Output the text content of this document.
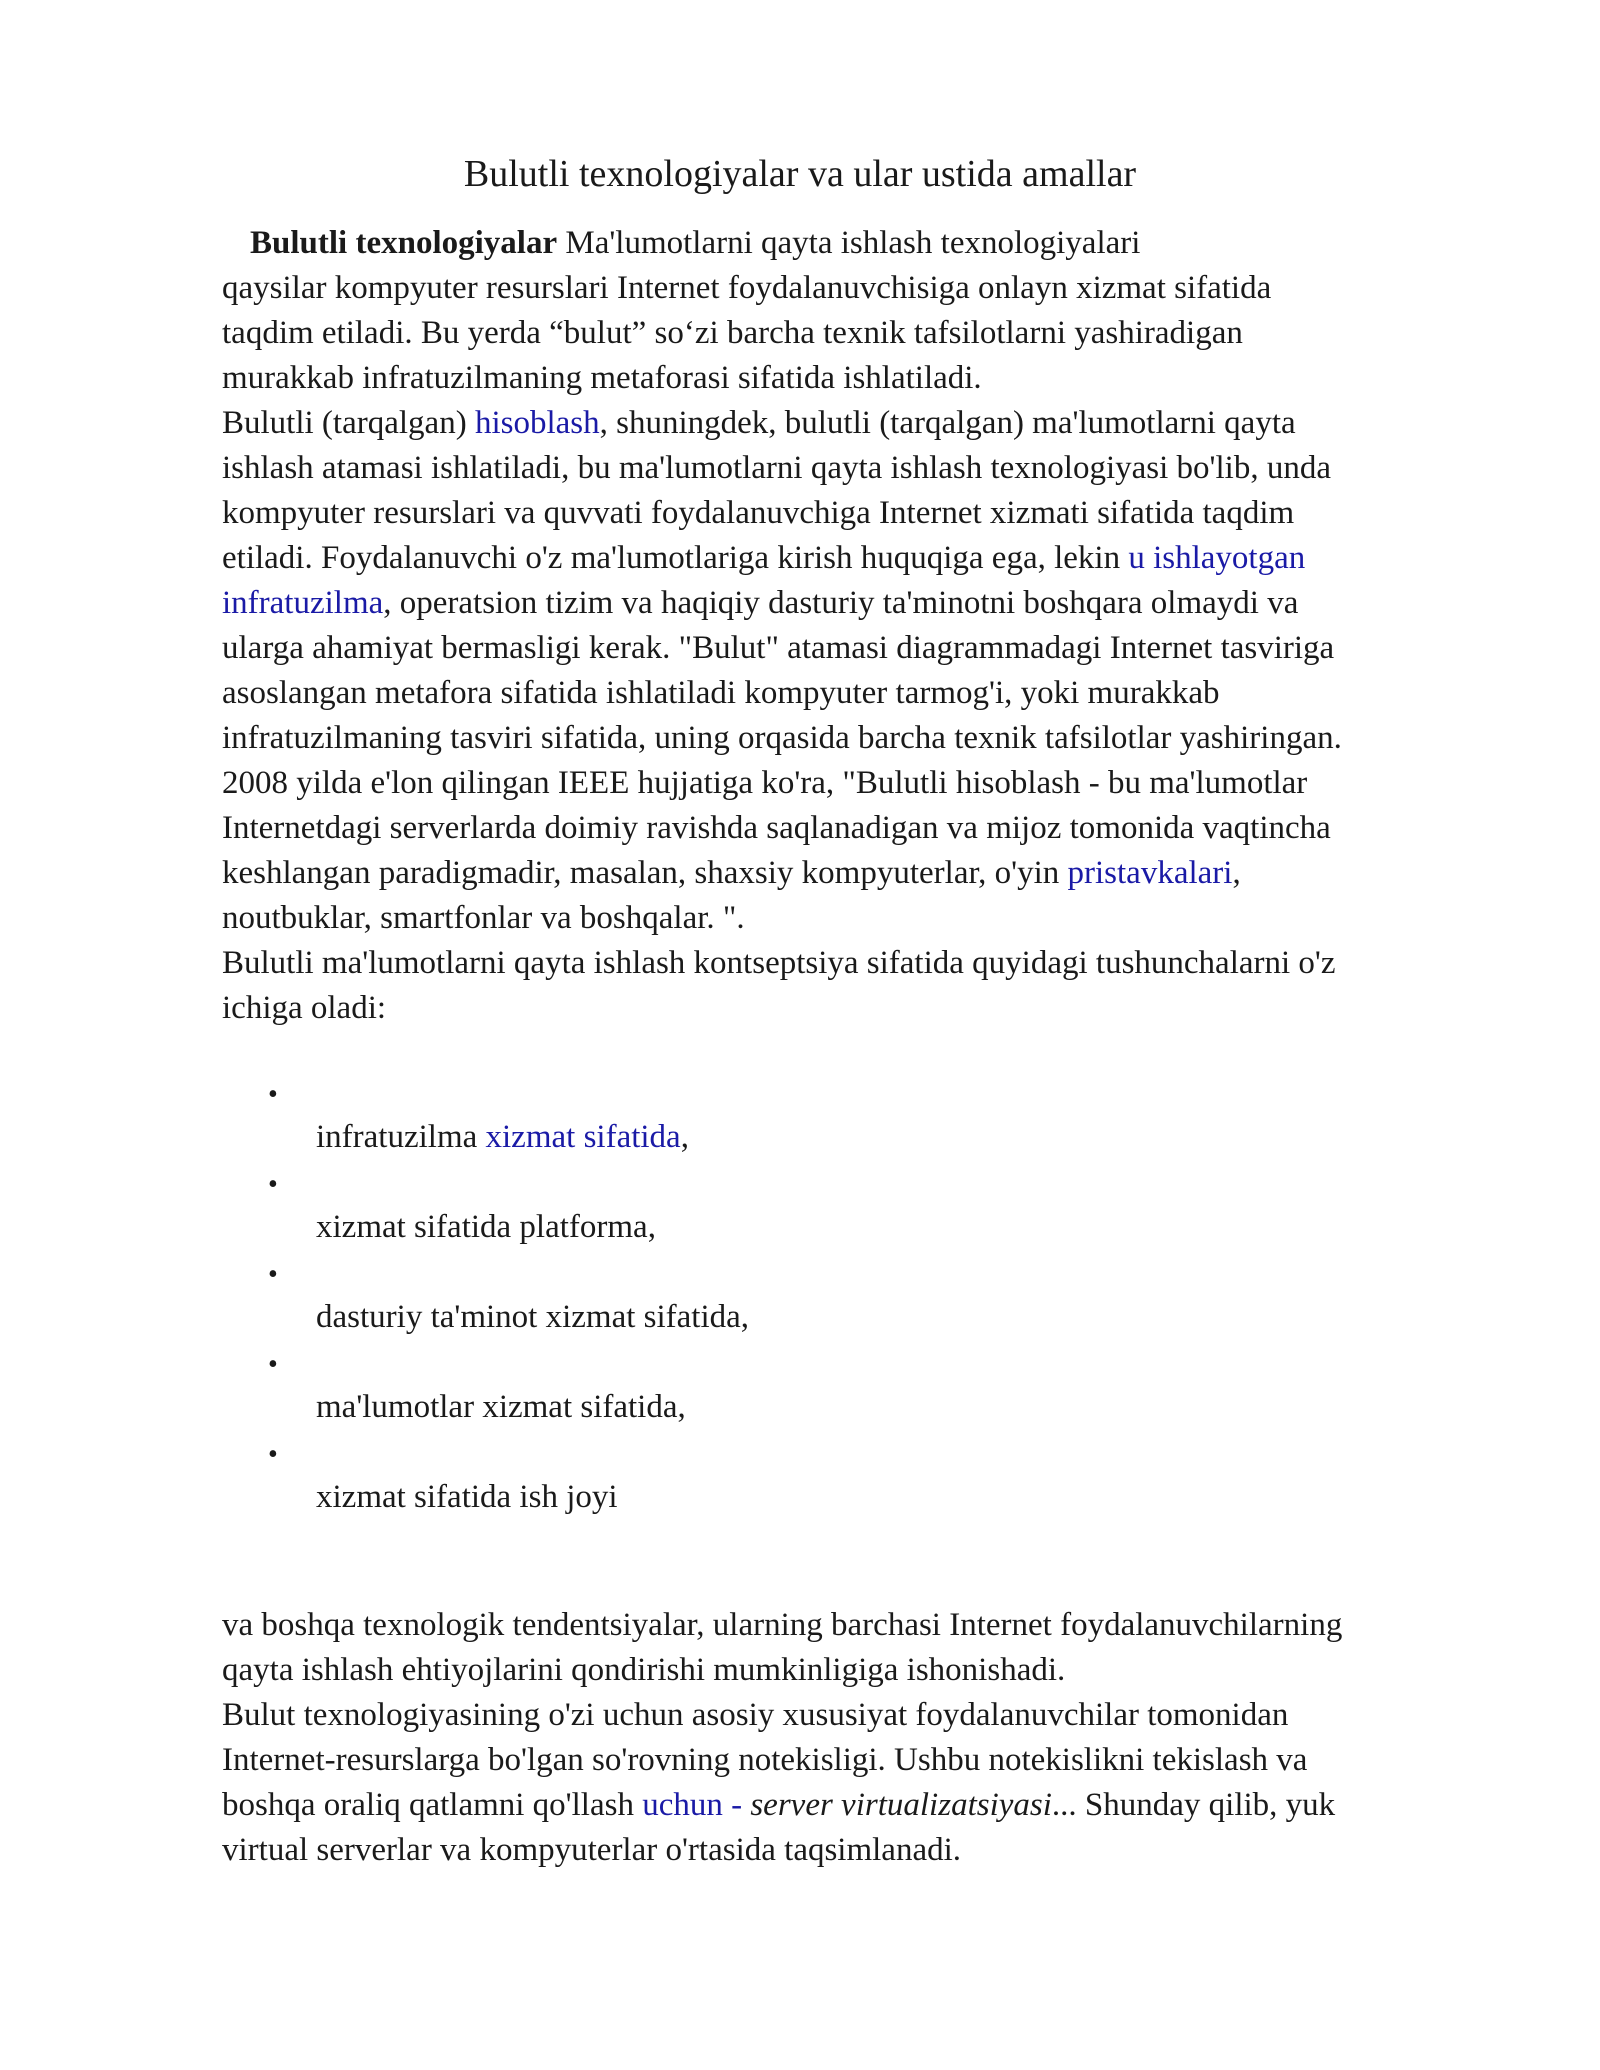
Bulutli texnologiyalar va ular ustida amallar
Bulutli texnologiyalar Ma'lumotlarni qayta ishlash texnologiyalari
qaysilar kompyuter resurslari Internet foydalanuvchisiga onlayn xizmat sifatida
taqdim etiladi. Bu yerda “bulut” so‘zi barcha texnik tafsilotlarni yashiradigan
murakkab infratuzilmaning metaforasi sifatida ishlatiladi.
Bulutli (tarqalgan) hisoblash, shuningdek, bulutli (tarqalgan) ma'lumotlarni qayta
ishlash atamasi ishlatiladi, bu ma'lumotlarni qayta ishlash texnologiyasi bo'lib, unda
kompyuter resurslari va quvvati foydalanuvchiga Internet xizmati sifatida taqdim
etiladi. Foydalanuvchi o'z ma'lumotlariga kirish huquqiga ega, lekin u ishlayotgan
infratuzilma, operatsion tizim va haqiqiy dasturiy ta'minotni boshqara olmaydi va
ularga ahamiyat bermasligi kerak. "Bulut" atamasi diagrammadagi Internet tasviriga
asoslangan metafora sifatida ishlatiladi kompyuter tarmog'i, yoki murakkab
infratuzilmaning tasviri sifatida, uning orqasida barcha texnik tafsilotlar yashiringan.
2008 yilda e'lon qilingan IEEE hujjatiga ko'ra, "Bulutli hisoblash - bu ma'lumotlar
Internetdagi serverlarda doimiy ravishda saqlanadigan va mijoz tomonida vaqtincha
keshlangan paradigmadir, masalan, shaxsiy kompyuterlar, o'yin pristavkalari,
noutbuklar, smartfonlar va boshqalar. ".
Bulutli ma'lumotlarni qayta ishlash kontseptsiya sifatida quyidagi tushunchalarni o'z
ichiga oladi:
•
infratuzilma xizmat sifatida,
•
xizmat sifatida platforma,
•
dasturiy ta'minot xizmat sifatida,
•
ma'lumotlar xizmat sifatida,
•
xizmat sifatida ish joyi
va boshqa texnologik tendentsiyalar, ularning barchasi Internet foydalanuvchilarning
qayta ishlash ehtiyojlarini qondirishi mumkinligiga ishonishadi.
Bulut texnologiyasining o'zi uchun asosiy xususiyat foydalanuvchilar tomonidan
Internet-resurslarga bo'lgan so'rovning notekisligi. Ushbu notekislikni tekislash va
boshqa oraliq qatlamni qo'llash uchun - server virtualizatsiyasi... Shunday qilib, yuk
virtual serverlar va kompyuterlar o'rtasida taqsimlanadi.
